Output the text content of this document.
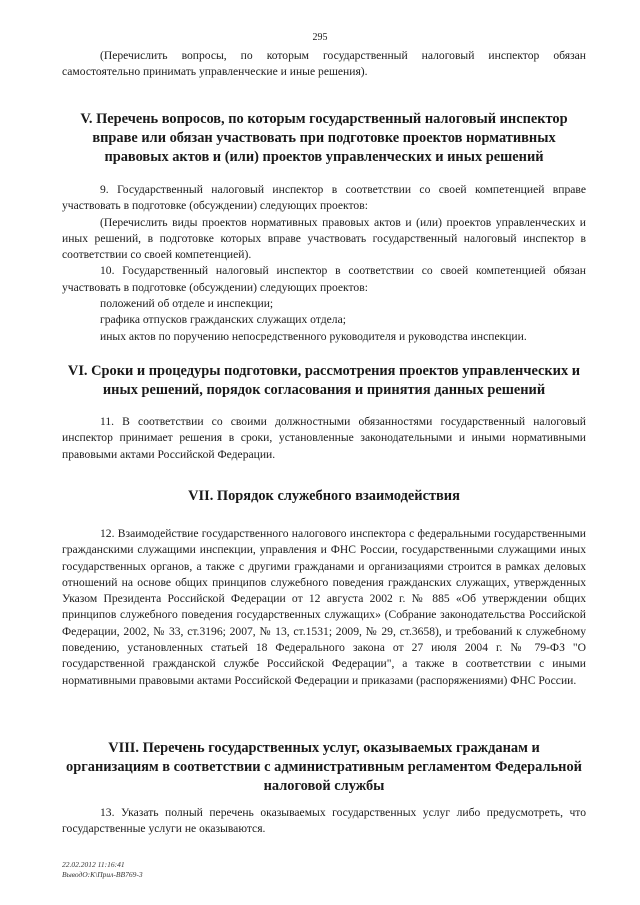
295

(Перечислить вопросы, по которым государственный налоговый инспектор обязан самостоятельно принимать управленческие и иные решения).

V. Перечень вопросов, по которым государственный налоговый инспектор вправе или обязан участвовать при подготовке проектов нормативных правовых актов и (или) проектов управленческих и иных решений

9. Государственный налоговый инспектор в соответствии со своей компетенцией вправе участвовать в подготовке (обсуждении) следующих проектов:

(Перечислить виды проектов нормативных правовых актов и (или) проектов управленческих и иных решений, в подготовке которых вправе участвовать государственный налоговый инспектор в соответствии со своей компетенцией).

10. Государственный налоговый инспектор в соответствии со своей компетенцией обязан участвовать в подготовке (обсуждении) следующих проектов:

положений об отделе и инспекции;

графика отпусков гражданских служащих отдела;

иных актов по поручению непосредственного руководителя и руководства инспекции.

VI. Сроки и процедуры подготовки, рассмотрения проектов управленческих и иных решений, порядок согласования и принятия данных решений

11. В соответствии со своими должностными обязанностями государственный налоговый инспектор принимает решения в сроки, установленные законодательными и иными нормативными правовыми актами Российской Федерации.

VII. Порядок служебного взаимодействия

12. Взаимодействие государственного налогового инспектора с федеральными государственными гражданскими служащими инспекции, управления и ФНС России, государственными служащими иных государственных органов, а также с другими гражданами и организациями строится в рамках деловых отношений на основе общих принципов служебного поведения гражданских служащих, утвержденных Указом Президента Российской Федерации от 12 августа 2002 г. № 885 «Об утверждении общих принципов служебного поведения государственных служащих» (Собрание законодательства Российской Федерации, 2002, № 33, ст.3196; 2007, № 13, ст.1531; 2009, № 29, ст.3658), и требований к служебному поведению, установленных статьей 18 Федерального закона от 27 июля 2004 г. № 79-ФЗ "О государственной гражданской службе Российской Федерации", а также в соответствии с иными нормативными правовыми актами Российской Федерации и приказами (распоряжениями) ФНС России.

VIII. Перечень государственных услуг, оказываемых гражданам и организациям в соответствии с административным регламентом Федеральной налоговой службы

13. Указать полный перечень оказываемых государственных услуг либо предусмотреть, что государственные услуги не оказываются.

22.02.2012 11:16:41
ВыводО:К\Прил-ВВ769-3
